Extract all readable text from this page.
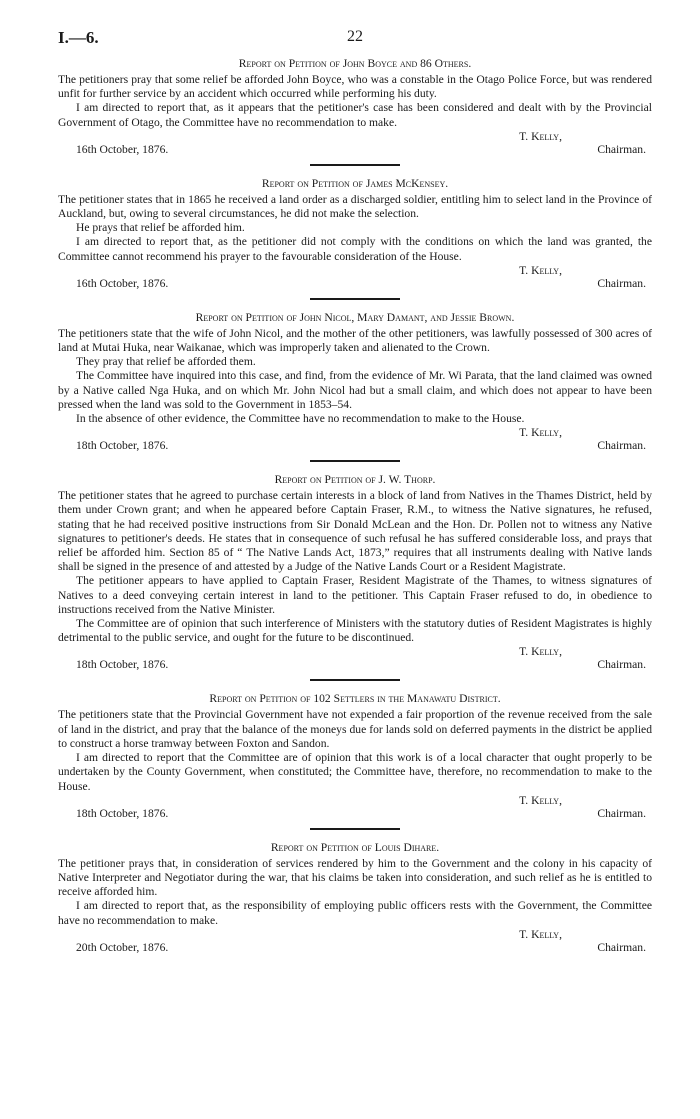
I.—6.	22
Report on Petition of John Boyce and 86 Others.

The petitioners pray that some relief be afforded John Boyce, who was a constable in the Otago Police Force, but was rendered unfit for further service by an accident which occurred while performing his duty.

I am directed to report that, as it appears that the petitioner's case has been considered and dealt with by the Provincial Government of Otago, the Committee have no recommendation to make.

T. Kelly,
Chairman.
16th October, 1876.
Report on Petition of James McKensey.

The petitioner states that in 1865 he received a land order as a discharged soldier, entitling him to select land in the Province of Auckland, but, owing to several circumstances, he did not make the selection.

He prays that relief be afforded him.

I am directed to report that, as the petitioner did not comply with the conditions on which the land was granted, the Committee cannot recommend his prayer to the favourable consideration of the House.

T. Kelly,
Chairman.
16th October, 1876.
Report on Petition of John Nicol, Mary Damant, and Jessie Brown.

The petitioners state that the wife of John Nicol, and the mother of the other petitioners, was lawfully possessed of 300 acres of land at Mutai Huka, near Waikanae, which was improperly taken and alienated to the Crown.

They pray that relief be afforded them.

The Committee have inquired into this case, and find, from the evidence of Mr. Wi Parata, that the land claimed was owned by a Native called Nga Huka, and on which Mr. John Nicol had but a small claim, and which does not appear to have been pressed when the land was sold to the Government in 1853–54.

In the absence of other evidence, the Committee have no recommendation to make to the House.

T. Kelly,
Chairman.
18th October, 1876.
Report on Petition of J. W. Thorp.

The petitioner states that he agreed to purchase certain interests in a block of land from Natives in the Thames District, held by them under Crown grant; and when he appeared before Captain Fraser, R.M., to witness the Native signatures, he refused, stating that he had received positive instructions from Sir Donald McLean and the Hon. Dr. Pollen not to witness any Native signatures to petitioner's deeds. He states that in consequence of such refusal he has suffered considerable loss, and prays that relief be afforded him. Section 85 of “ The Native Lands Act, 1873,” requires that all instruments dealing with Native lands shall be signed in the presence of and attested by a Judge of the Native Lands Court or a Resident Magistrate.

The petitioner appears to have applied to Captain Fraser, Resident Magistrate of the Thames, to witness signatures of Natives to a deed conveying certain interest in land to the petitioner. This Captain Fraser refused to do, in obedience to instructions received from the Native Minister.

The Committee are of opinion that such interference of Ministers with the statutory duties of Resident Magistrates is highly detrimental to the public service, and ought for the future to be discontinued.

T. Kelly,
Chairman.
18th October, 1876.
Report on Petition of 102 Settlers in the Manawatu District.

The petitioners state that the Provincial Government have not expended a fair proportion of the revenue received from the sale of land in the district, and pray that the balance of the moneys due for lands sold on deferred payments in the district be applied to construct a horse tramway between Foxton and Sandon.

I am directed to report that the Committee are of opinion that this work is of a local character that ought properly to be undertaken by the County Government, when constituted; the Committee have, therefore, no recommendation to make to the House.

T. Kelly,
Chairman.
18th October, 1876.
Report on Petition of Louis Dihare.

The petitioner prays that, in consideration of services rendered by him to the Government and the colony in his capacity of Native Interpreter and Negotiator during the war, that his claims be taken into consideration, and such relief as he is entitled to receive afforded him.

I am directed to report that, as the responsibility of employing public officers rests with the Government, the Committee have no recommendation to make.

T. Kelly,
Chairman.
20th October, 1876.
